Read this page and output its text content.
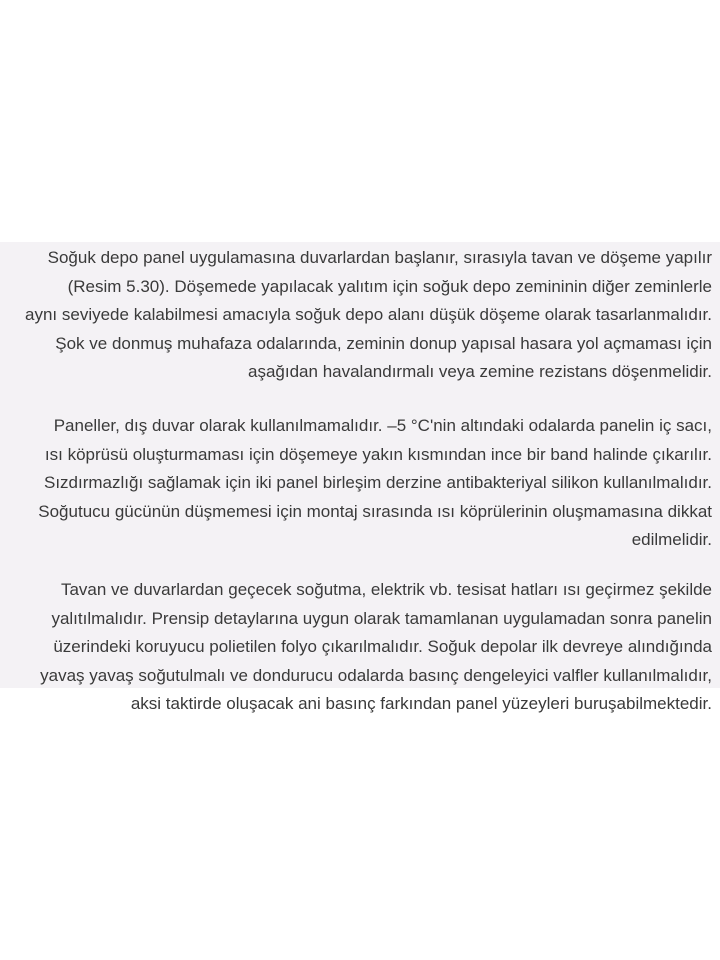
Soğuk depo panel uygulamasına duvarlardan başlanır, sırasıyla tavan ve döşeme yapılır
(Resim 5.30). Döşemede yapılacak yalıtım için soğuk depo zemininin diğer zeminlerle
aynı seviyede kalabilmesi amacıyla soğuk depo alanı düşük döşeme olarak tasarlanmalıdır.
Şok ve donmuş muhafaza odalarında, zeminin donup yapısal hasara yol açmaması için
aşağıdan havalandırmalı veya zemine rezistans döşenmelidir.

Paneller, dış duvar olarak kullanılmamalıdır. –5 °C'nin altındaki odalarda panelin iç sacı,
ısı köprüsü oluşturmaması için döşemeye yakın kısmından ince bir band halinde çıkarılır.
Sızdırmazlığı sağlamak için iki panel birleşim derzine antibakteriyal silikon kullanılmalıdır.
Soğutucu gücünün düşmemesi için montaj sırasında ısı köprülerinin oluşmamasına dikkat
edilmelidir.

Tavan ve duvarlardan geçecek soğutma, elektrik vb. tesisat hatları ısı geçirmez şekilde
yalıtılmalıdır. Prensip detaylarına uygun olarak tamamlanan uygulamadan sonra panelin
üzerindeki koruyucu polietilen folyo çıkarılmalıdır. Soğuk depolar ilk devreye alındığında
yavaş yavaş soğutulmalı ve dondurucu odalarda basınç dengeleyici valfler kullanılmalıdır,
aksi taktirde oluşacak ani basınç farkından panel yüzeyleri buruşabilmektedir.
